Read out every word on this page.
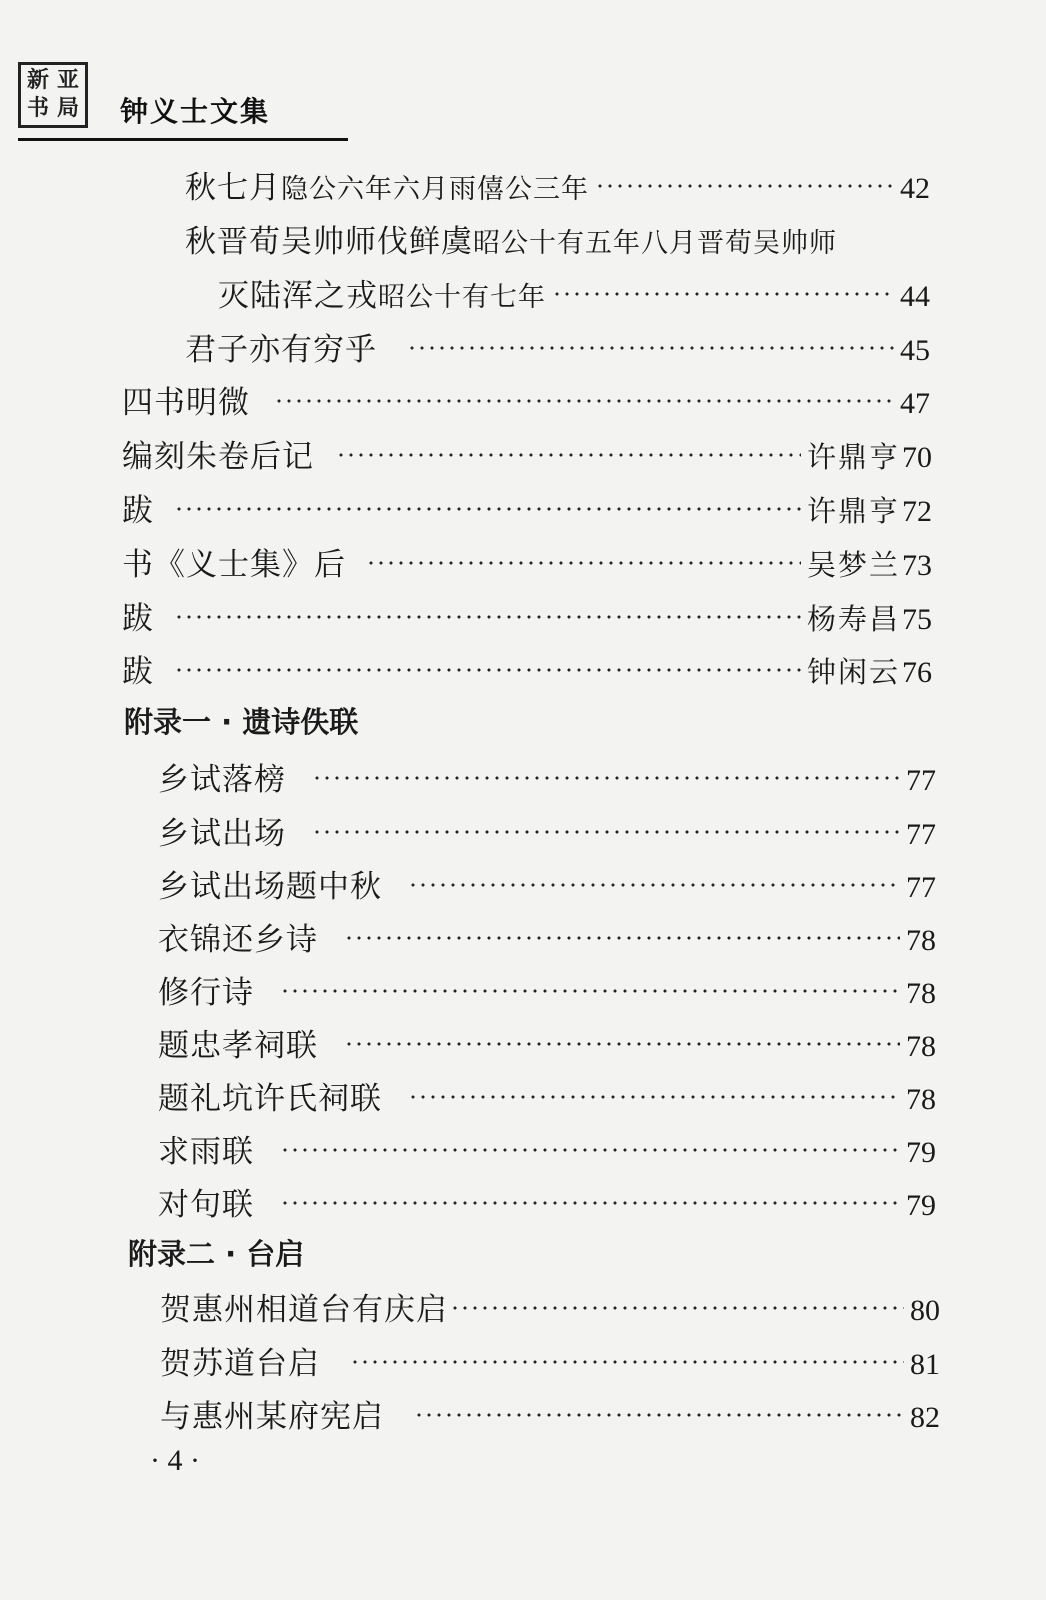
新 亚
书 局 钟义士文集
秋七月隐公六年六月雨僖公三年	42
秋晋荀吴帅师伐鲜虞昭公十有五年八月晋荀吴帅师
灭陆浑之戎昭公十有七年	44
君子亦有穷乎	45
四书明微	47
编刻朱卷后记	许鼎亨 70
跋	许鼎亨 72
书《义士集》后	吴梦兰 73
跋	杨寿昌 75
跋	钟闲云 76
附录一 · 遗诗佚联
乡试落榜	77
乡试出场	77
乡试出场题中秋	77
衣锦还乡诗	78
修行诗	78
题忠孝祠联	78
题礼坑许氏祠联	78
求雨联	79
对句联	79
附录二 · 台启
贺惠州相道台有庆启	80
贺苏道台启	81
与惠州某府宪启	82
· 4 ·
